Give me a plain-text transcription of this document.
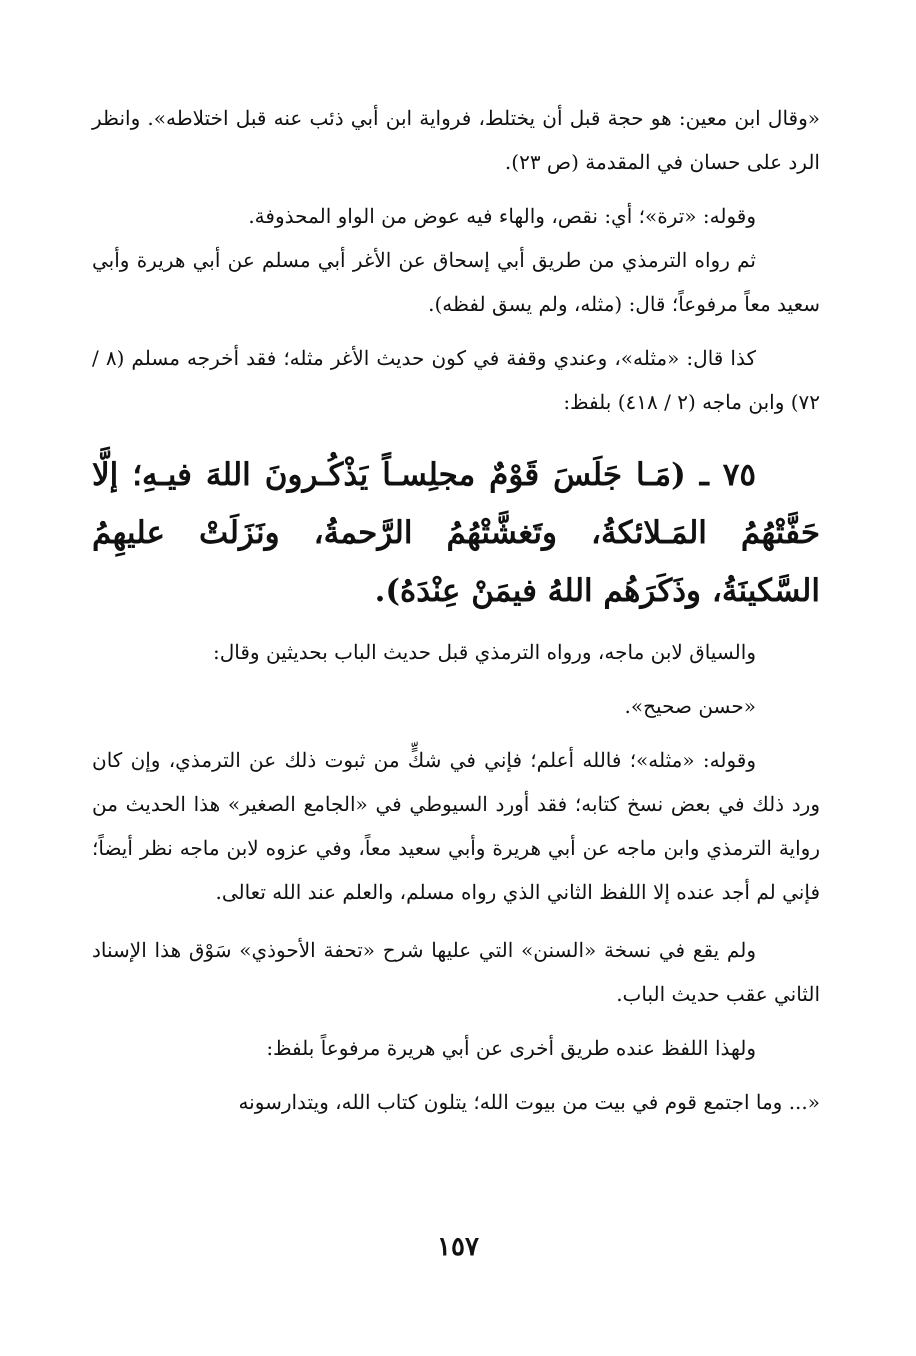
«وقال ابن معين: هو حجة قبل أن يختلط، فرواية ابن أبي ذئب عنه قبل اختلاطه». وانظر الرد على حسان في المقدمة (ص ٢٣).

وقوله: «ترة»؛ أي: نقص، والهاء فيه عوض من الواو المحذوفة.

ثم رواه الترمذي من طريق أبي إسحاق عن الأغر أبي مسلم عن أبي هريرة وأبي سعيد معاً مرفوعاً؛ قال: (مثله، ولم يسق لفظه).

كذا قال: «مثله»، وعندي وقفة في كون حديث الأغر مثله؛ فقد أخرجه مسلم (٨ / ٧٢) وابن ماجه (٢ / ٤١٨) بلفظ:

٧٥ ـ (مَـا جَلَسَ قَوْمٌ مجلِسـاً يَذْكُـرونَ اللهَ فيـهِ؛ إلَّا حَفَّتْهُمُ المَـلائكةُ، وتَغشَّتْهُمُ الرَّحمةُ، ونَزَلَتْ عليهِمُ السَّكينَةُ، وذَكَرَهُم اللهُ فيمَنْ عِنْدَهُ).

والسياق لابن ماجه، ورواه الترمذي قبل حديث الباب بحديثين وقال:

«حسن صحيح».

وقوله: «مثله»؛ فالله أعلم؛ فإني في شكٍّ من ثبوت ذلك عن الترمذي، وإن كان ورد ذلك في بعض نسخ كتابه؛ فقد أورد السيوطي في «الجامع الصغير» هذا الحديث من رواية الترمذي وابن ماجه عن أبي هريرة وأبي سعيد معاً، وفي عزوه لابن ماجه نظر أيضاً؛ فإني لم أجد عنده إلا اللفظ الثاني الذي رواه مسلم، والعلم عند الله تعالى.

ولم يقع في نسخة «السنن» التي عليها شرح «تحفة الأحوذي» سَوْق هذا الإسناد الثاني عقب حديث الباب.

ولهذا اللفظ عنده طريق أخرى عن أبي هريرة مرفوعاً بلفظ:

«... وما اجتمع قوم في بيت من بيوت الله؛ يتلون كتاب الله، ويتدارسونه

١٥٧
